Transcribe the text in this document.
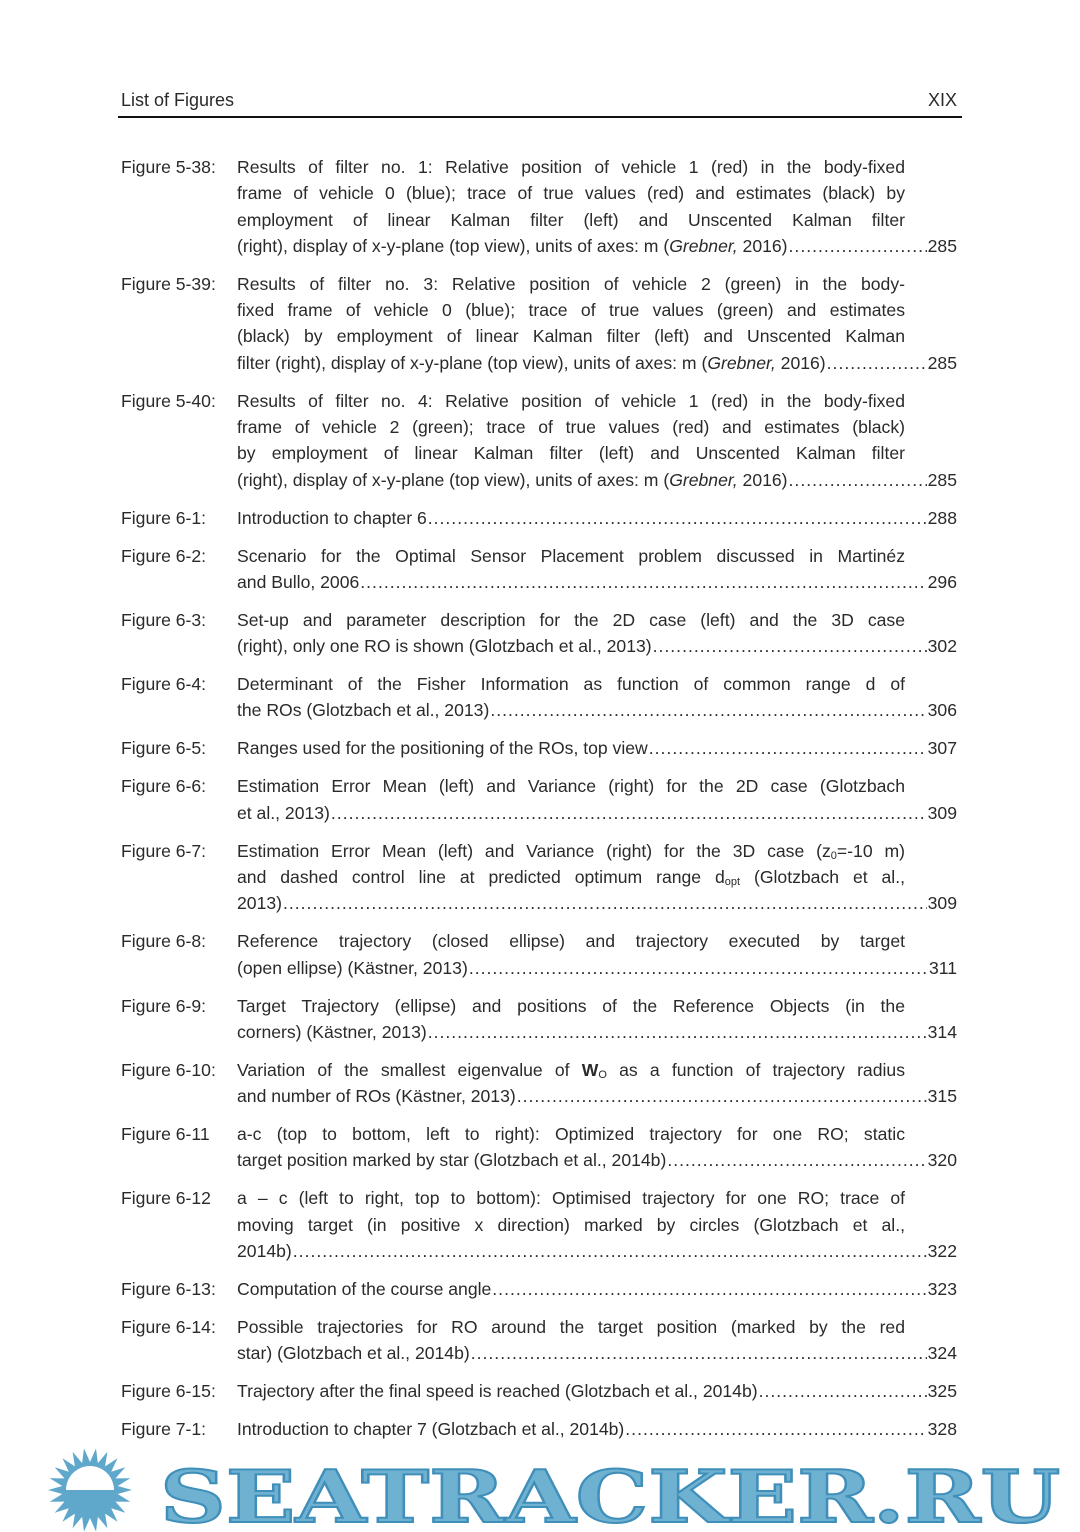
List of Figures	XIX
Figure 5-38: Results of filter no. 1: Relative position of vehicle 1 (red) in the body-fixed
frame of vehicle 0 (blue); trace of true values (red) and estimates (black) by
employment of linear Kalman filter (left) and Unscented Kalman filter
(right), display of x-y-plane (top view), units of axes: m (Grebner, 2016) .....	285
Figure 5-39: Results of filter no. 3: Relative position of vehicle 2 (green) in the body-
fixed frame of vehicle 0 (blue); trace of true values (green) and estimates
(black) by employment of linear Kalman filter (left) and Unscented Kalman
filter (right), display of x-y-plane (top view), units of axes: m (Grebner, 2016) .....	285
Figure 5-40: Results of filter no. 4: Relative position of vehicle 1 (red) in the body-fixed
frame of vehicle 2 (green); trace of true values (red) and estimates (black)
by employment of linear Kalman filter (left) and Unscented Kalman filter
(right), display of x-y-plane (top view), units of axes: m (Grebner, 2016) .....	285
Figure 6-1: Introduction to chapter 6 .....	288
Figure 6-2: Scenario for the Optimal Sensor Placement problem discussed in Martinéz
and Bullo, 2006 .....	296
Figure 6-3: Set-up and parameter description for the 2D case (left) and the 3D case
(right), only one RO is shown (Glotzbach et al., 2013) .....	302
Figure 6-4: Determinant of the Fisher Information as function of common range d of
the ROs (Glotzbach et al., 2013) .....	306
Figure 6-5: Ranges used for the positioning of the ROs, top view .....	307
Figure 6-6: Estimation Error Mean (left) and Variance (right) for the 2D case (Glotzbach
et al., 2013) .....	309
Figure 6-7: Estimation Error Mean (left) and Variance (right) for the 3D case ($z_0=-10$ m)
and dashed control line at predicted optimum range $d_{opt}$ (Glotzbach et al.,
2013) .....	309
Figure 6-8: Reference trajectory (closed ellipse) and trajectory executed by target
(open ellipse) (Kästner, 2013) .....	311
Figure 6-9: Target Trajectory (ellipse) and positions of the Reference Objects (in the
corners) (Kästner, 2013) .....	314
Figure 6-10: Variation of the smallest eigenvalue of $W_O$ as a function of trajectory radius
and number of ROs (Kästner, 2013) .....	315
Figure 6-11 a-c (top to bottom, left to right): Optimized trajectory for one RO; static
target position marked by star (Glotzbach et al., 2014b) .....	320
Figure 6-12 a – c (left to right, top to bottom): Optimised trajectory for one RO; trace of
moving target (in positive x direction) marked by circles (Glotzbach et al.,
2014b) .....	322
Figure 6-13: Computation of the course angle .....	323
Figure 6-14: Possible trajectories for RO around the target position (marked by the red
star) (Glotzbach et al., 2014b) .....	324
Figure 6-15: Trajectory after the final speed is reached (Glotzbach et al., 2014b) .....	325
Figure 7-1: Introduction to chapter 7 (Glotzbach et al., 2014b) .....	328
SEATRACKER.RU
